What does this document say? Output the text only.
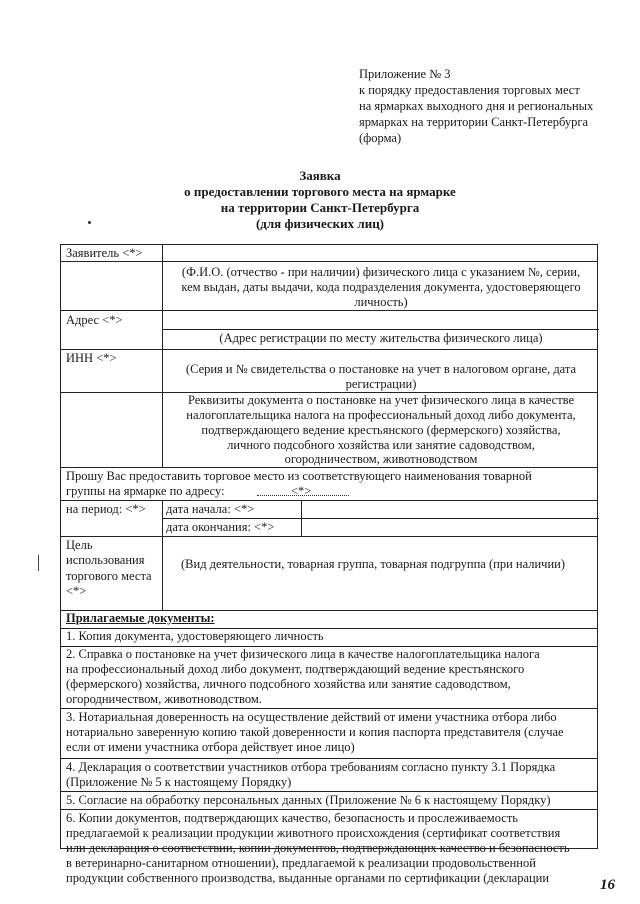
Приложение № 3
к порядку предоставления торговых мест
на ярмарках выходного дня и региональных
ярмарках на территории Санкт-Петербурга
(форма)
Заявка
о предоставлении торгового места на ярмарке
на территории Санкт-Петербурга
(для физических лиц)
Заявитель <*>
(Ф.И.О. (отчество - при наличии) физического лица с указанием №, серии,
кем выдан, даты выдачи, кода подразделения документа, удостоверяющего
личность)
Адрес <*>
(Адрес регистрации по месту жительства физического лица)
ИНН <*>
(Серия и № свидетельства о постановке на учет в налоговом органе, дата
регистрации)
Реквизиты документа о постановке на учет физического лица в качестве
налогоплательщика налога на профессиональный доход либо документа,
подтверждающего ведение крестьянского (фермерского) хозяйства,
личного подсобного хозяйства или занятие садоводством,
огородничеством, животноводством
Прошу Вас предоставить торговое место из соответствующего наименования товарной
группы на ярмарке по адресу:	<*>
на период: <*> дата начала: <*>
дата окончания: <*>
Цель
использования
торгового места
<*>
(Вид деятельности, товарная группа, товарная подгруппа (при наличии)
Прилагаемые документы:
1. Копия документа, удостоверяющего личность
2. Справка о постановке на учет физического лица в качестве налогоплательщика налога
на профессиональный доход либо документ, подтверждающий ведение крестьянского
(фермерского) хозяйства, личного подсобного хозяйства или занятие садоводством,
огородничеством, животноводством.
3. Нотариальная доверенность на осуществление действий от имени участника отбора либо
нотариально заверенную копию такой доверенности и копия паспорта представителя (случае
если от имени участника отбора действует иное лицо)
4. Декларация о соответствии участников отбора требованиям согласно пункту 3.1 Порядка
(Приложение № 5 к настоящему Порядку)
5. Согласие на обработку персональных данных (Приложение № 6 к настоящему Порядку)
6. Копии документов, подтверждающих качество, безопасность и прослеживаемость
предлагаемой к реализации продукции животного происхождения (сертификат соответствия
или декларация о соответствии, копии документов, подтверждающих качество и безопасность
в ветеринарно-санитарном отношении), предлагаемой к реализации продовольственной
продукции собственного производства, выданные органами по сертификации (декларации	16
